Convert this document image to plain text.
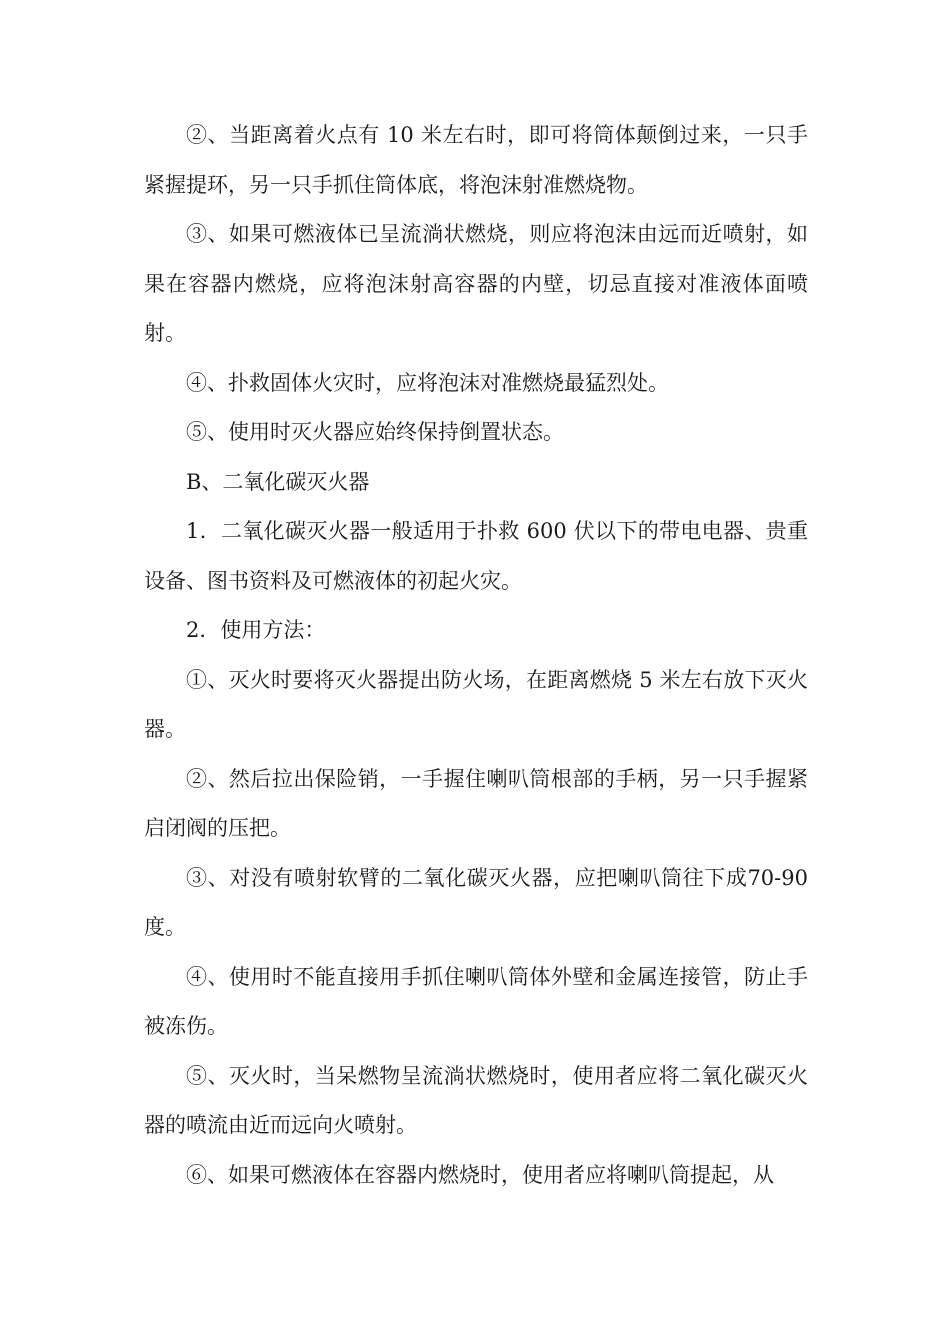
②、当距离着火点有 10 米左右时，即可将筒体颠倒过来，一只手紧握提环，另一只手抓住筒体底，将泡沫射准燃烧物。

③、如果可燃液体已呈流淌状燃烧，则应将泡沫由远而近喷射，如果在容器内燃烧，应将泡沫射高容器的内壁，切忌直接对准液体面喷射。

④、扑救固体火灾时，应将泡沫对准燃烧最猛烈处。

⑤、使用时灭火器应始终保持倒置状态。

B、二氧化碳灭火器

1．二氧化碳灭火器一般适用于扑救 600 伏以下的带电电器、贵重设备、图书资料及可燃液体的初起火灾。

2．使用方法：

①、灭火时要将灭火器提出防火场，在距离燃烧 5 米左右放下灭火器。

②、然后拉出保险销，一手握住喇叭筒根部的手柄，另一只手握紧启闭阀的压把。

③、对没有喷射软臂的二氧化碳灭火器，应把喇叭筒往下成70-90度。

④、使用时不能直接用手抓住喇叭筒体外壁和金属连接管，防止手被冻伤。

⑤、灭火时，当呆燃物呈流淌状燃烧时，使用者应将二氧化碳灭火器的喷流由近而远向火喷射。

⑥、如果可燃液体在容器内燃烧时，使用者应将喇叭筒提起，从
